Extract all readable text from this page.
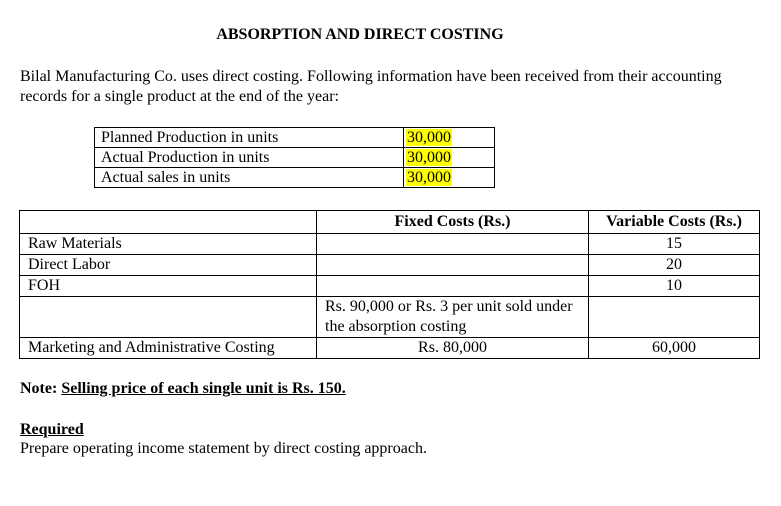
ABSORPTION AND DIRECT COSTING
Bilal Manufacturing Co. uses direct costing. Following information have been received from their accounting records for a single product at the end of the year:
Planned Production in units	30,000
Actual Production in units	30,000
Actual sales in units	30,000
	Fixed Costs (Rs.)	Variable Costs (Rs.)
Raw Materials		15
Direct Labor		20
FOH		10
	Rs. 90,000 or Rs. 3 per unit sold under the absorption costing	
Marketing and Administrative Costing	Rs. 80,000	60,000
Note: Selling price of each single unit is Rs. 150.
Required
Prepare operating income statement by direct costing approach.
